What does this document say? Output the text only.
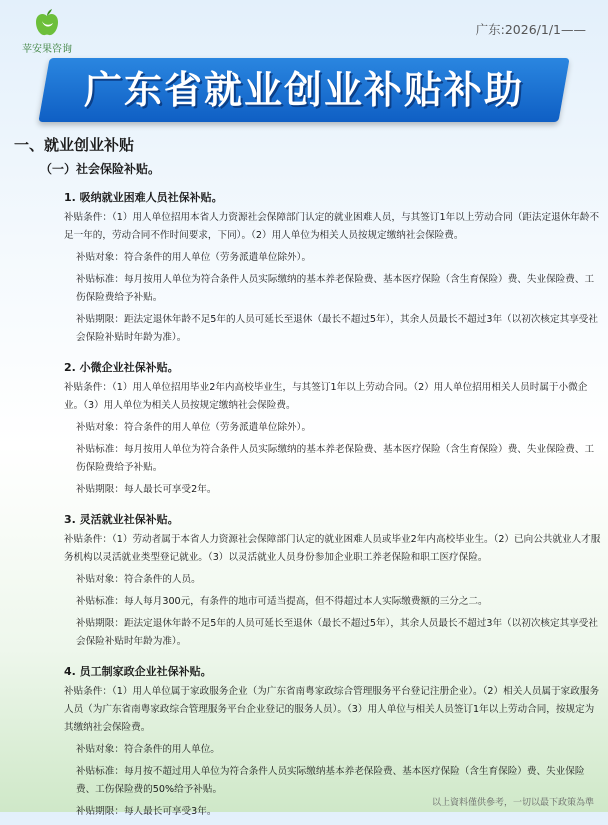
苹安果咨询
广东:2026/1/1——
广东省就业创业补贴补助
一、就业创业补贴
（一）社会保险补贴。
1. 吸纳就业困难人员社保补贴。
补贴条件：（1）用人单位招用本省人力资源社会保障部门认定的就业困难人员，与其签订1年以上劳动合同（距法定退休年龄不足一年的，劳动合同不作时间要求，下同）。（2）用人单位为相关人员按规定缴纳社会保险费。
补贴对象：符合条件的用人单位（劳务派遣单位除外）。
补贴标准：每月按用人单位为符合条件人员实际缴纳的基本养老保险费、基本医疗保险（含生育保险）费、失业保险费、工伤保险费给予补贴。
补贴期限：距法定退休年龄不足5年的人员可延长至退休（最长不超过5年），其余人员最长不超过3年（以初次核定其享受社会保险补贴时年龄为准）。
2. 小微企业社保补贴。
补贴条件：（1）用人单位招用毕业2年内高校毕业生，与其签订1年以上劳动合同。（2）用人单位招用相关人员时属于小微企业。（3）用人单位为相关人员按规定缴纳社会保险费。
补贴对象：符合条件的用人单位（劳务派遣单位除外）。
补贴标准：每月按用人单位为符合条件人员实际缴纳的基本养老保险费、基本医疗保险（含生育保险）费、失业保险费、工伤保险费给予补贴。
补贴期限：每人最长可享受2年。
3. 灵活就业社保补贴。
补贴条件：（1）劳动者属于本省人力资源社会保障部门认定的就业困难人员或毕业2年内高校毕业生。（2）已向公共就业人才服务机构以灵活就业类型登记就业。（3）以灵活就业人员身份参加企业职工养老保险和职工医疗保险。
补贴对象：符合条件的人员。
补贴标准：每人每月300元，有条件的地市可适当提高，但不得超过本人实际缴费额的三分之二。
补贴期限：距法定退休年龄不足5年的人员可延长至退休（最长不超过5年），其余人员最长不超过3年（以初次核定其享受社会保险补贴时年龄为准）。
4. 员工制家政企业社保补贴。
补贴条件：（1）用人单位属于家政服务企业（为广东省南粤家政综合管理服务平台登记注册企业）。（2）相关人员属于家政服务人员（为广东省南粤家政综合管理服务平台企业登记的服务人员）。（3）用人单位与相关人员签订1年以上劳动合同，按规定为其缴纳社会保险费。
补贴对象：符合条件的用人单位。
补贴标准：每月按不超过用人单位为符合条件人员实际缴纳基本养老保险费、基本医疗保险（含生育保险）费、失业保险费、工伤保险费的50%给予补贴。
补贴期限：每人最长可享受3年。
以上資料僅供參考，一切以最下政策為準
